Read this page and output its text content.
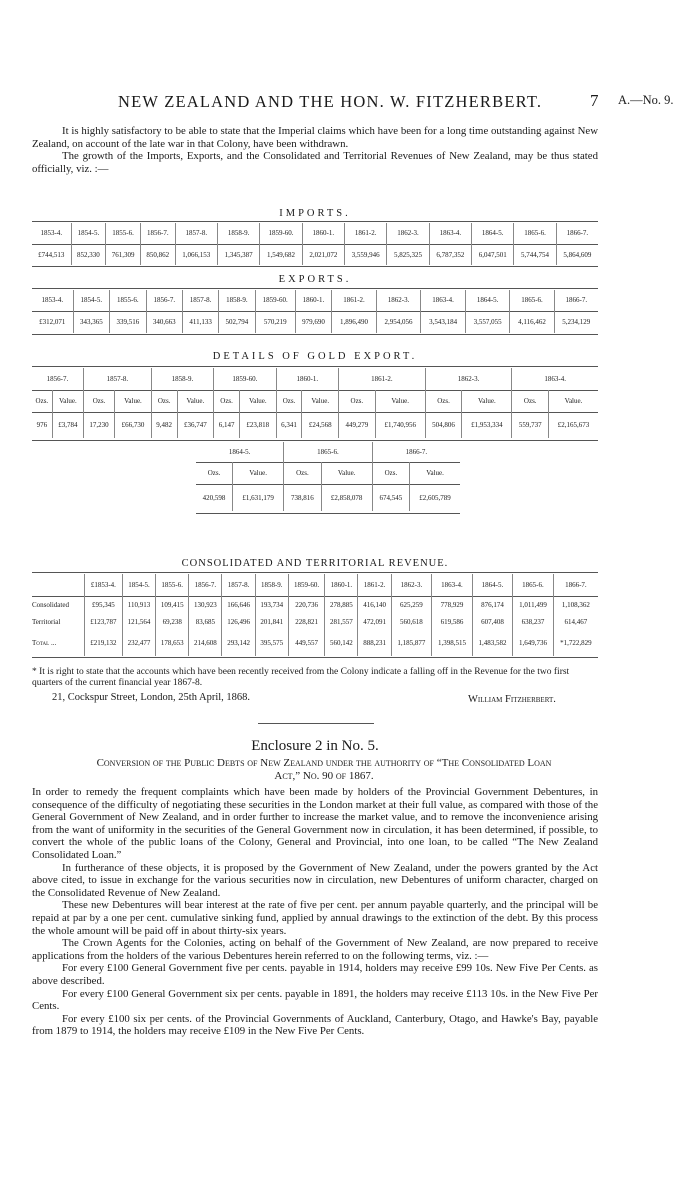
NEW ZEALAND AND THE HON. W. FITZHERBERT.	7 A.—No. 9.

It is highly satisfactory to be able to state that the Imperial claims which have been for a long time outstanding against New Zealand, on account of the late war in that Colony, have been withdrawn.

The growth of the Imports, Exports, and the Consolidated and Territorial Revenues of New Zealand, may be thus stated officially, viz. :—

IMPORTS.
1853-4.	1854-5.	1855-6.	1856-7.	1857-8.	1858-9.	1859-60.	1860-1.	1861-2.	1862-3.	1863-4.	1864-5.	1865-6.	1866-7.
£744,513	852,330	761,309	850,862	1,066,153	1,345,387	1,549,682	2,021,072	3,559,946	5,825,325	6,787,352	6,047,501	5,744,754	5,864,609
EXPORTS.
1853-4.	1854-5.	1855-6.	1856-7.	1857-8.	1858-9.	1859-60.	1860-1.	1861-2.	1862-3.	1863-4.	1864-5.	1865-6.	1866-7.
£312,071	343,365	339,516	340,663	411,133	502,794	570,219	979,690	1,896,490	2,954,056	3,543,184	3,557,055	4,116,462	5,234,129
DETAILS OF GOLD EXPORT.
1856-7.		1857-8.		1858-9.		1859-60.		1860-1.		1861-2.		1862-3.		1863-4.	
Ozs.	Value.	Ozs.	Value.	Ozs.	Value.	Ozs.	Value.	Ozs.	Value.	Ozs.	Value.	Ozs.	Value.	Ozs.	Value.
976	£3,784	17,230	£66,730	9,482	£36,747	6,147	£23,818	6,341	£24,568	449,279	£1,740,956	504,806	£1,953,334	559,737	£2,165,673
1864-5.		1865-6.		1866-7.	
Ozs.	Value.	Ozs.	Value.	Ozs.	Value.
420,598	£1,631,179	738,816	£2,858,078	674,545	£2,605,789
CONSOLIDATED AND TERRITORIAL REVENUE.
	£1853-4.	1854-5.	1855-6.	1856-7.	1857-8.	1858-9.	1859-60.	1860-1.	1861-2.	1862-3.	1863-4.	1864-5.	1865-6.	1866-7.
Consolidated	£95,345	110,913	109,415	130,923	166,646	193,734	220,736	278,885	416,140	625,259	778,929	876,174	1,011,499	1,108,362
Territorial	£123,787	121,564	69,238	83,685	126,496	201,841	228,821	281,557	472,091	560,618	619,586	607,408	638,237	614,467
Total ...	£219,132	232,477	178,653	214,608	293,142	395,575	449,557	560,142	888,231	1,185,877	1,398,515	1,483,582	1,649,736	*1,722,829
* It is right to state that the accounts which have been recently received from the Colony indicate a falling off in the Revenue for the two first quarters of the current financial year 1867-8.
21, Cockspur Street, London, 25th April, 1868.	William Fitzherbert.
Enclosure 2 in No. 5.
Conversion of the Public Debts of New Zealand under the authority of “The Consolidated Loan Act,” No. 90 of 1867.

In order to remedy the frequent complaints which have been made by holders of the Provincial Government Debentures, in consequence of the difficulty of negotiating these securities in the London market at their full value, as compared with those of the General Government of New Zealand, and in order further to increase the market value, and to remove the inconvenience arising from the want of uniformity in the securities of the General Government now in circulation, it has been determined, if possible, to convert the whole of the public loans of the Colony, General and Provincial, into one loan, to be called “The New Zealand Consolidated Loan.”

In furtherance of these objects, it is proposed by the Government of New Zealand, under the powers granted by the Act above cited, to issue in exchange for the various securities now in circulation, new Debentures of uniform character, charged on the Consolidated Revenue of New Zealand.

These new Debentures will bear interest at the rate of five per cent. per annum payable quarterly, and the principal will be repaid at par by a one per cent. cumulative sinking fund, applied by annual drawings to the extinction of the debt. By this process the whole amount will be paid off in about thirty-six years.

The Crown Agents for the Colonies, acting on behalf of the Government of New Zealand, are now prepared to receive applications from the holders of the various Debentures herein referred to on the following terms, viz. :—

For every £100 General Government five per cents. payable in 1914, holders may receive £99 10s. New Five Per Cents. as above described.

For every £100 General Government six per cents. payable in 1891, the holders may receive £113 10s. in the New Five Per Cents.

For every £100 six per cents. of the Provincial Governments of Auckland, Canterbury, Otago, and Hawke's Bay, payable from 1879 to 1914, the holders may receive £109 in the New Five Per Cents.
